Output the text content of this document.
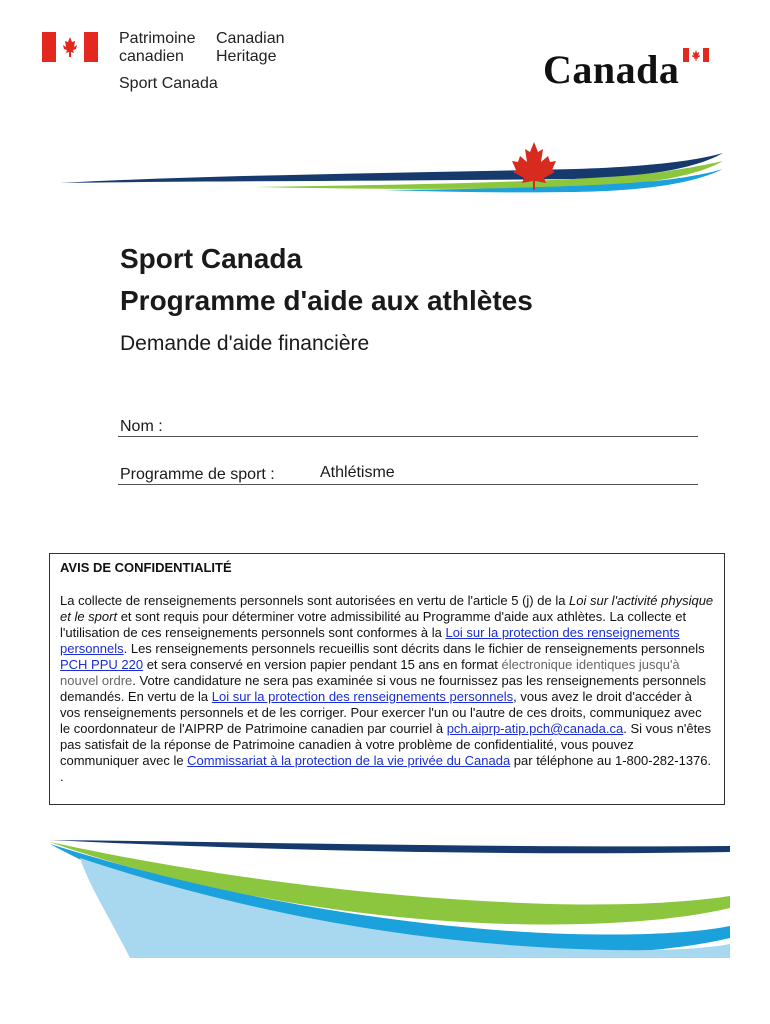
Patrimoine
canadien
Canadian
Heritage
Sport Canada	Canada
Sport Canada
Programme d'aide aux athlètes
Demande d'aide financière
Nom :
Programme de sport :	Athlétisme
AVIS DE CONFIDENTIALITÉ
La collecte de renseignements personnels sont autorisées en vertu de l'article 5 (j) de la Loi sur l'activité physique et le sport et sont requis pour déterminer votre admissibilité au Programme d'aide aux athlètes. La collecte et l'utilisation de ces renseignements personnels sont conformes à la Loi sur la protection des renseignements personnels. Les renseignements personnels recueillis sont décrits dans le fichier de renseignements personnels PCH PPU 220 et sera conservé en version papier pendant 15 ans en format électronique identiques jusqu'à nouvel ordre. Votre candidature ne sera pas examinée si vous ne fournissez pas les renseignements personnels demandés. En vertu de la Loi sur la protection des renseignements personnels, vous avez le droit d'accéder à vos renseignements personnels et de les corriger. Pour exercer l'un ou l'autre de ces droits, communiquez avec le coordonnateur de l'AIPRP de Patrimoine canadien par courriel à pch.aiprp-atip.pch@canada.ca. Si vous n'êtes pas satisfait de la réponse de Patrimoine canadien à votre problème de confidentialité, vous pouvez communiquer avec le Commissariat à la protection de la vie privée du Canada par téléphone au 1-800-282-1376.
.
